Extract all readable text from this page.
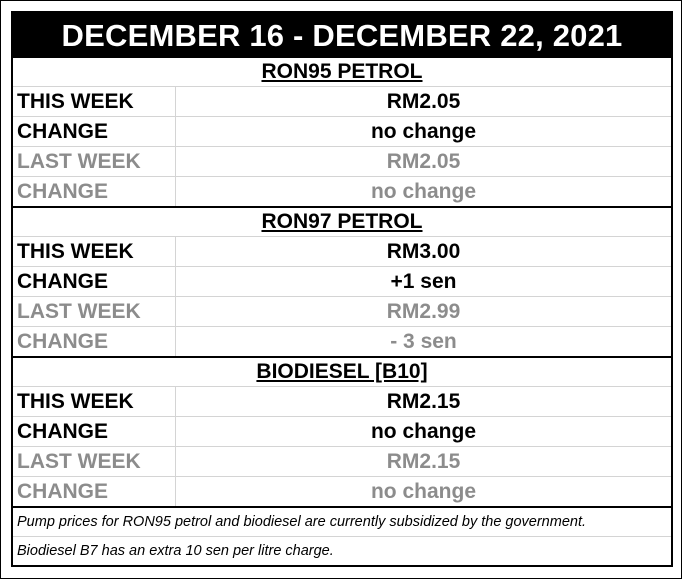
DECEMBER 16 - DECEMBER 22, 2021
RON95 PETROL
THIS WEEK	RM2.05
CHANGE	no change
LAST WEEK	RM2.05
CHANGE	no change
RON97 PETROL
THIS WEEK	RM3.00
CHANGE	+1 sen
LAST WEEK	RM2.99
CHANGE	- 3 sen
BIODIESEL [B10]
THIS WEEK	RM2.15
CHANGE	no change
LAST WEEK	RM2.15
CHANGE	no change
Pump prices for RON95 petrol and biodiesel are currently subsidized by the government.
Biodiesel B7 has an extra 10 sen per litre charge.
